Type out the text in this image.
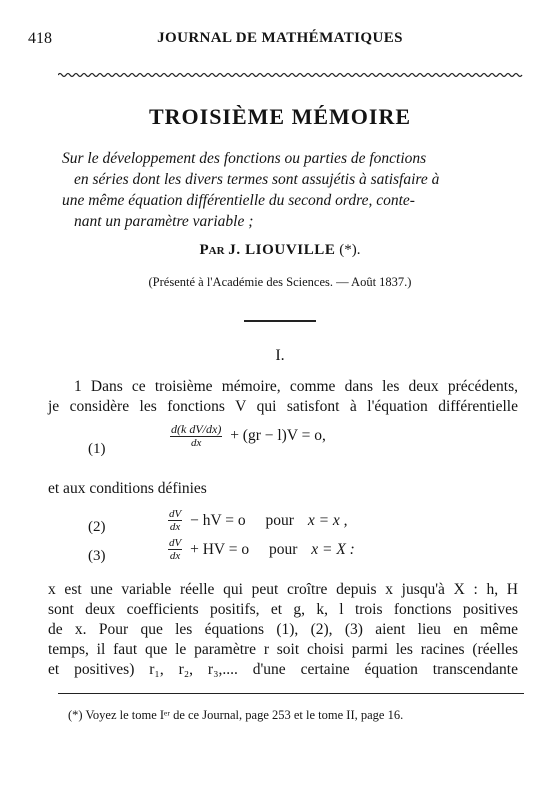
418	JOURNAL DE MATHÉMATIQUES
TROISIÈME MÉMOIRE
Sur le développement des fonctions ou parties de fonctions
en séries dont les divers termes sont assujétis à satisfaire à
une même équation différentielle du second ordre, conte-
nant un paramètre variable ;
Par J. LIOUVILLE (*).
(Présenté à l'Académie des Sciences. — Août 1837.)
I.
1 Dans ce troisième mémoire, comme dans les deux précédents,
je considère les fonctions V qui satisfont à l'équation différentielle
(1)	$\frac{\text{d(k dV/dx)}}{dx} + (gr - l)V = o$,
et aux conditions définies
(2)	$\frac{dV}{dx}$ − hV = o pour x = x ,
(3)	$\frac{dV}{dx}$ + HV = o pour x = X :
x est une variable réelle qui peut croître depuis x jusqu'à X : h, H
sont deux coefficients positifs, et g, k, l trois fonctions positives
de x. Pour que les équations (1), (2), (3) aient lieu en même
temps, il faut que le paramètre r soit choisi parmi les racines (réelles
et positives) r₁, r₂, r₃,.... d'une certaine équation transcendante
(*) Voyez le tome Iᵉʳ de ce Journal, page 253 et le tome II, page 16.
